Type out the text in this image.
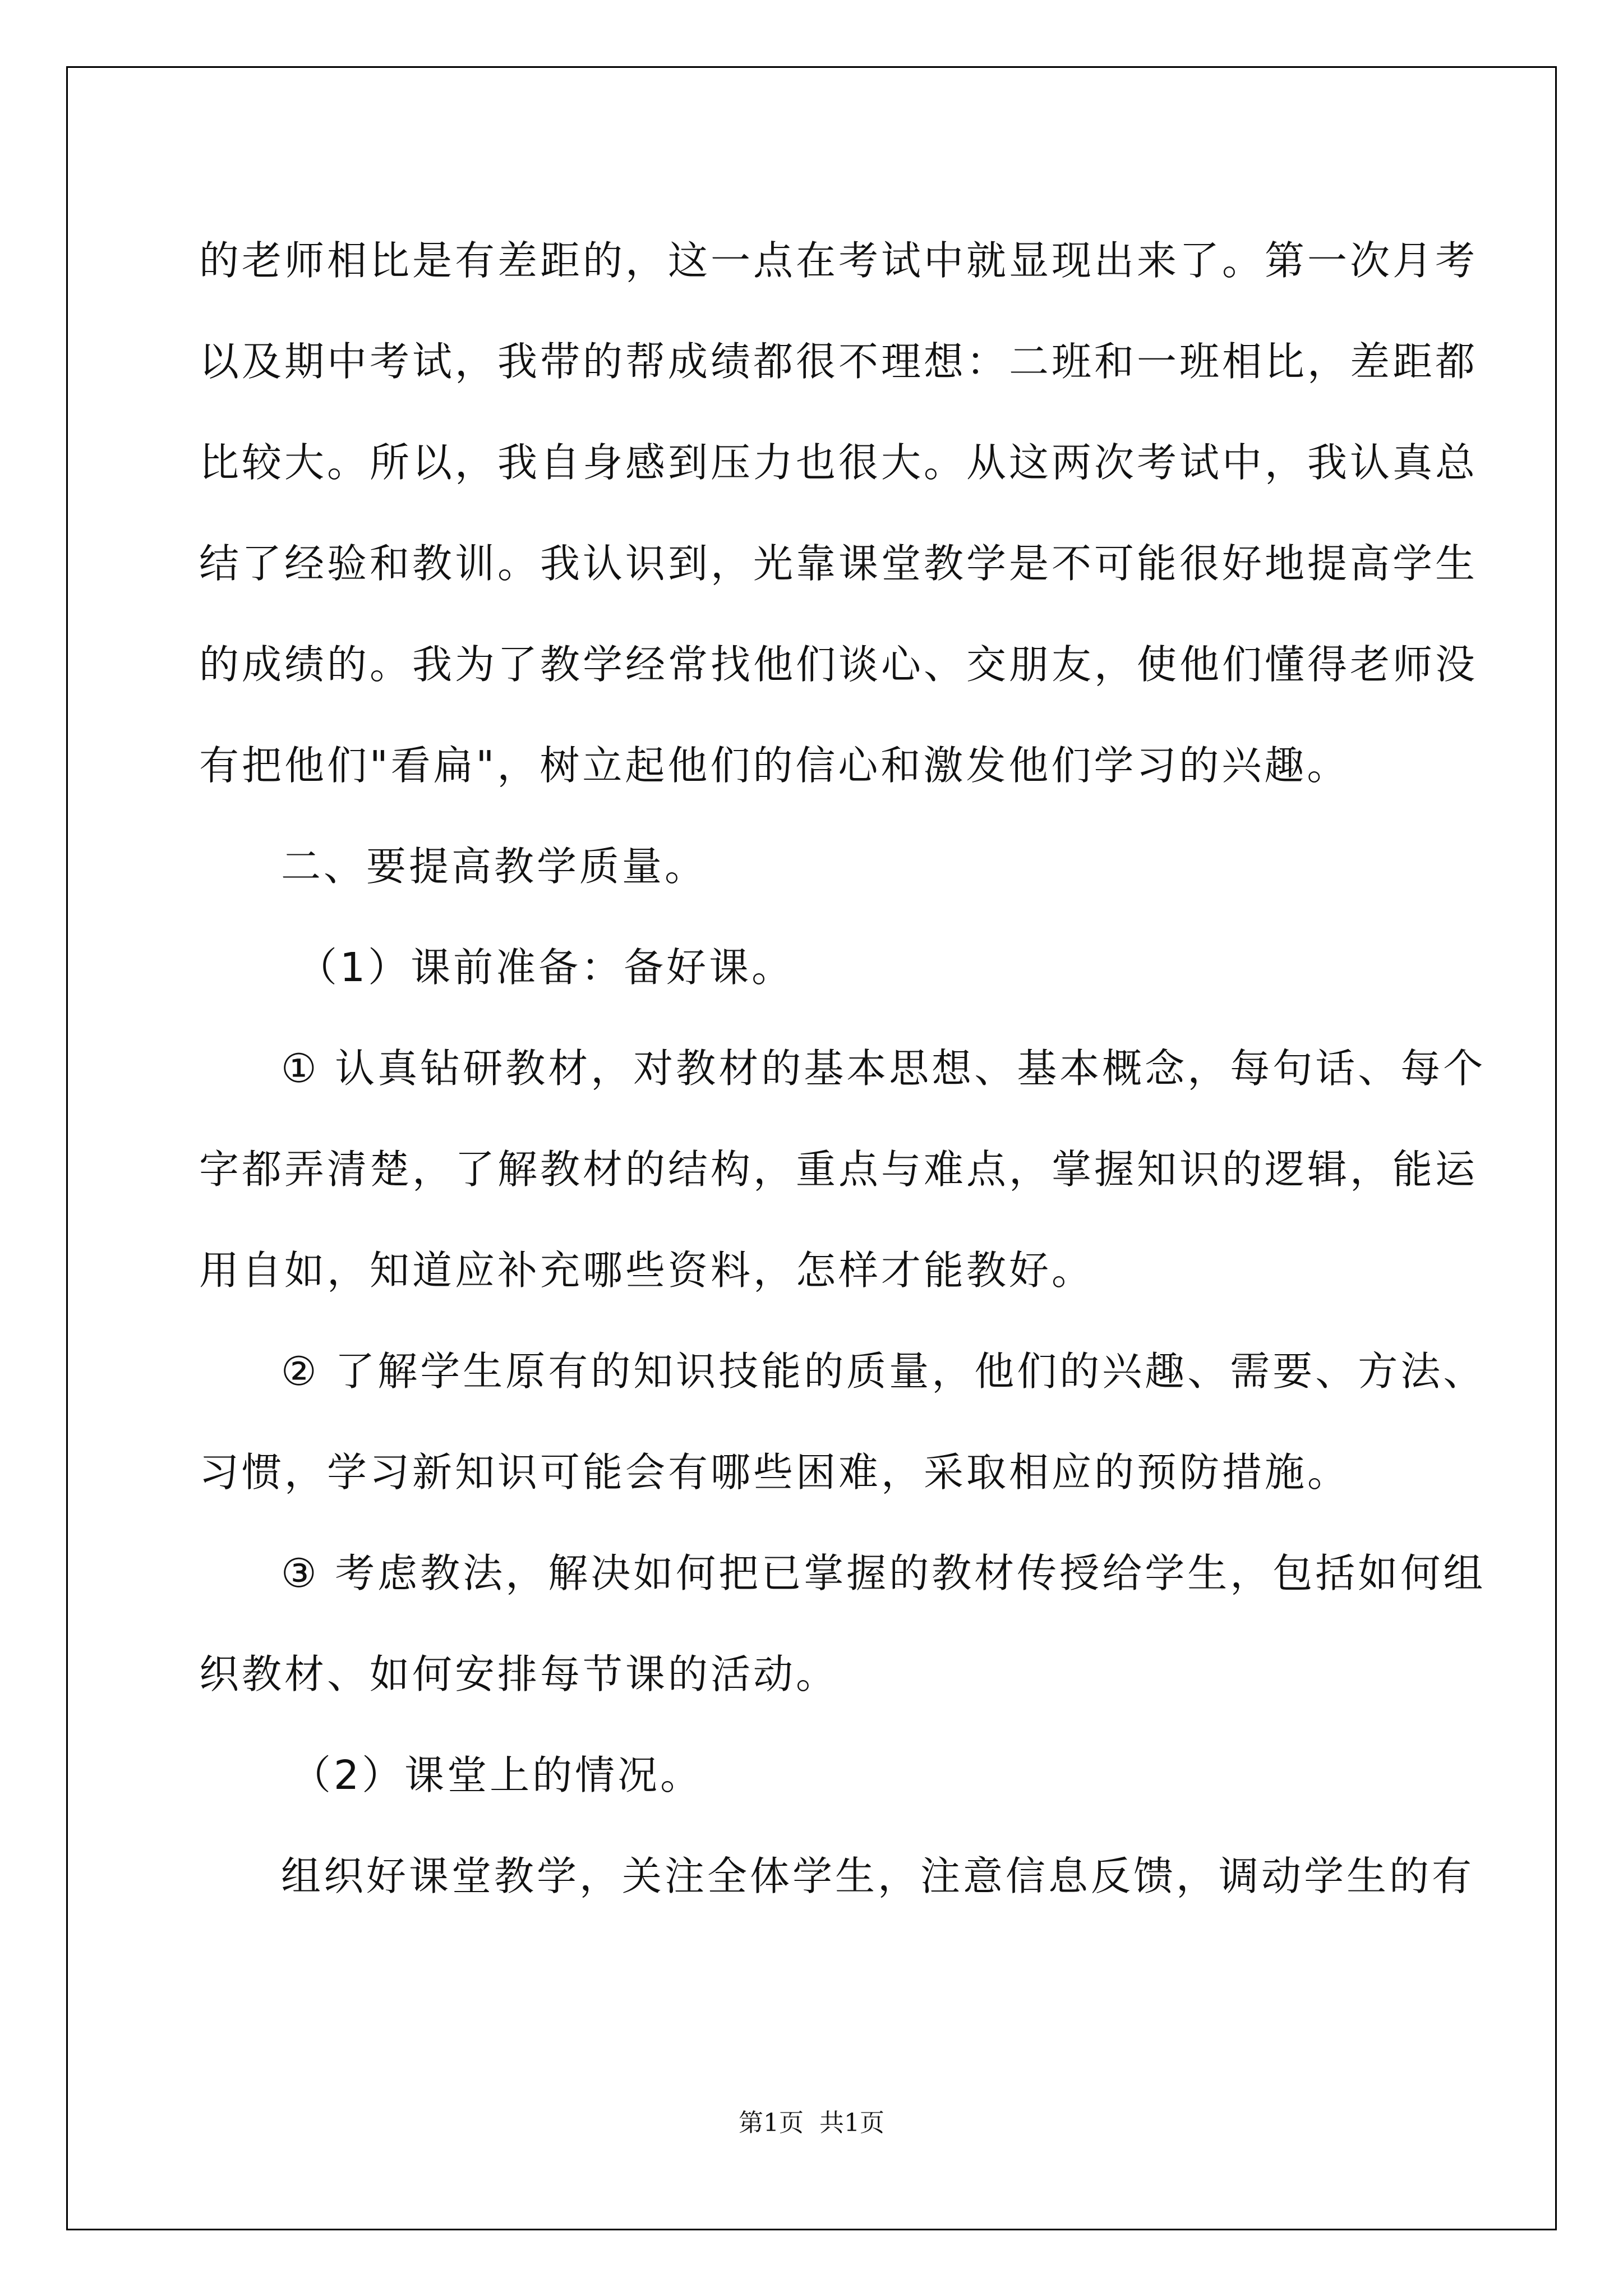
的老师相比是有差距的，这一点在考试中就显现出来了。第一次月考
以及期中考试，我带的帮成绩都很不理想：二班和一班相比，差距都
比较大。所以，我自身感到压力也很大。从这两次考试中，我认真总
结了经验和教训。我认识到，光靠课堂教学是不可能很好地提高学生
的成绩的。我为了教学经常找他们谈心、交朋友，使他们懂得老师没
有把他们"看扁"，树立起他们的信心和激发他们学习的兴趣。
二、要提高教学质量。
（1）课前准备：备好课。
① 认真钻研教材，对教材的基本思想、基本概念，每句话、每个
字都弄清楚，了解教材的结构，重点与难点，掌握知识的逻辑，能运
用自如，知道应补充哪些资料，怎样才能教好。
② 了解学生原有的知识技能的质量，他们的兴趣、需要、方法、
习惯，学习新知识可能会有哪些困难，采取相应的预防措施。
③ 考虑教法，解决如何把已掌握的教材传授给学生，包括如何组
织教材、如何安排每节课的活动。
（2）课堂上的情况。
组织好课堂教学，关注全体学生，注意信息反馈，调动学生的有
第1页 共1页
